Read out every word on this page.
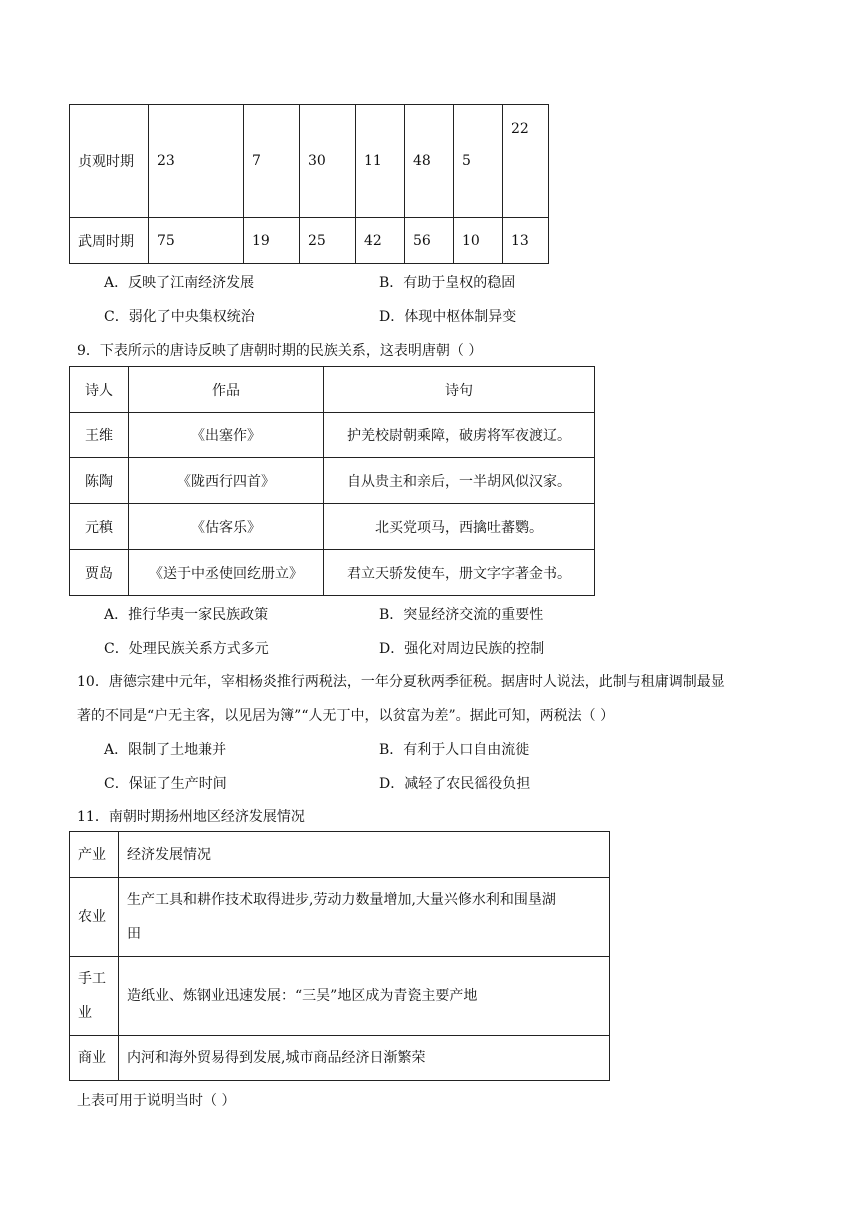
贞观时期	23	7	30	11	48	5	22
武周时期	75	19	25	42	56	10	13
A．反映了江南经济发展	B．有助于皇权的稳固
C．弱化了中央集权统治	D．体现中枢体制异变
9．下表所示的唐诗反映了唐朝时期的民族关系，这表明唐朝（ ）
诗人	作品	诗句
王维	《出塞作》	护羌校尉朝乘障，破虏将军夜渡辽。
陈陶	《陇西行四首》	自从贵主和亲后，一半胡风似汉家。
元稹	《估客乐》	北买党项马，西擒吐蕃鹦。
贾岛	《送于中丞使回纥册立》	君立天骄发使车，册文字字著金书。
A．推行华夷一家民族政策	B．突显经济交流的重要性
C．处理民族关系方式多元	D．强化对周边民族的控制
10．唐德宗建中元年，宰相杨炎推行两税法，一年分夏秋两季征税。据唐时人说法，此制与租庸调制最显
著的不同是“户无主客，以见居为簿”“人无丁中，以贫富为差”。据此可知，两税法（ ）
A．限制了土地兼并	B．有利于人口自由流徙
C．保证了生产时间	D．减轻了农民徭役负担
11．南朝时期扬州地区经济发展情况
产业	经济发展情况
农业	生产工具和耕作技术取得进步,劳动力数量增加,大量兴修水利和围垦湖
田

手工
业	造纸业、炼钢业迅速发展：“三吴”地区成为青瓷主要产地

商业	内河和海外贸易得到发展,城市商品经济日渐繁荣
上表可用于说明当时（ ）
